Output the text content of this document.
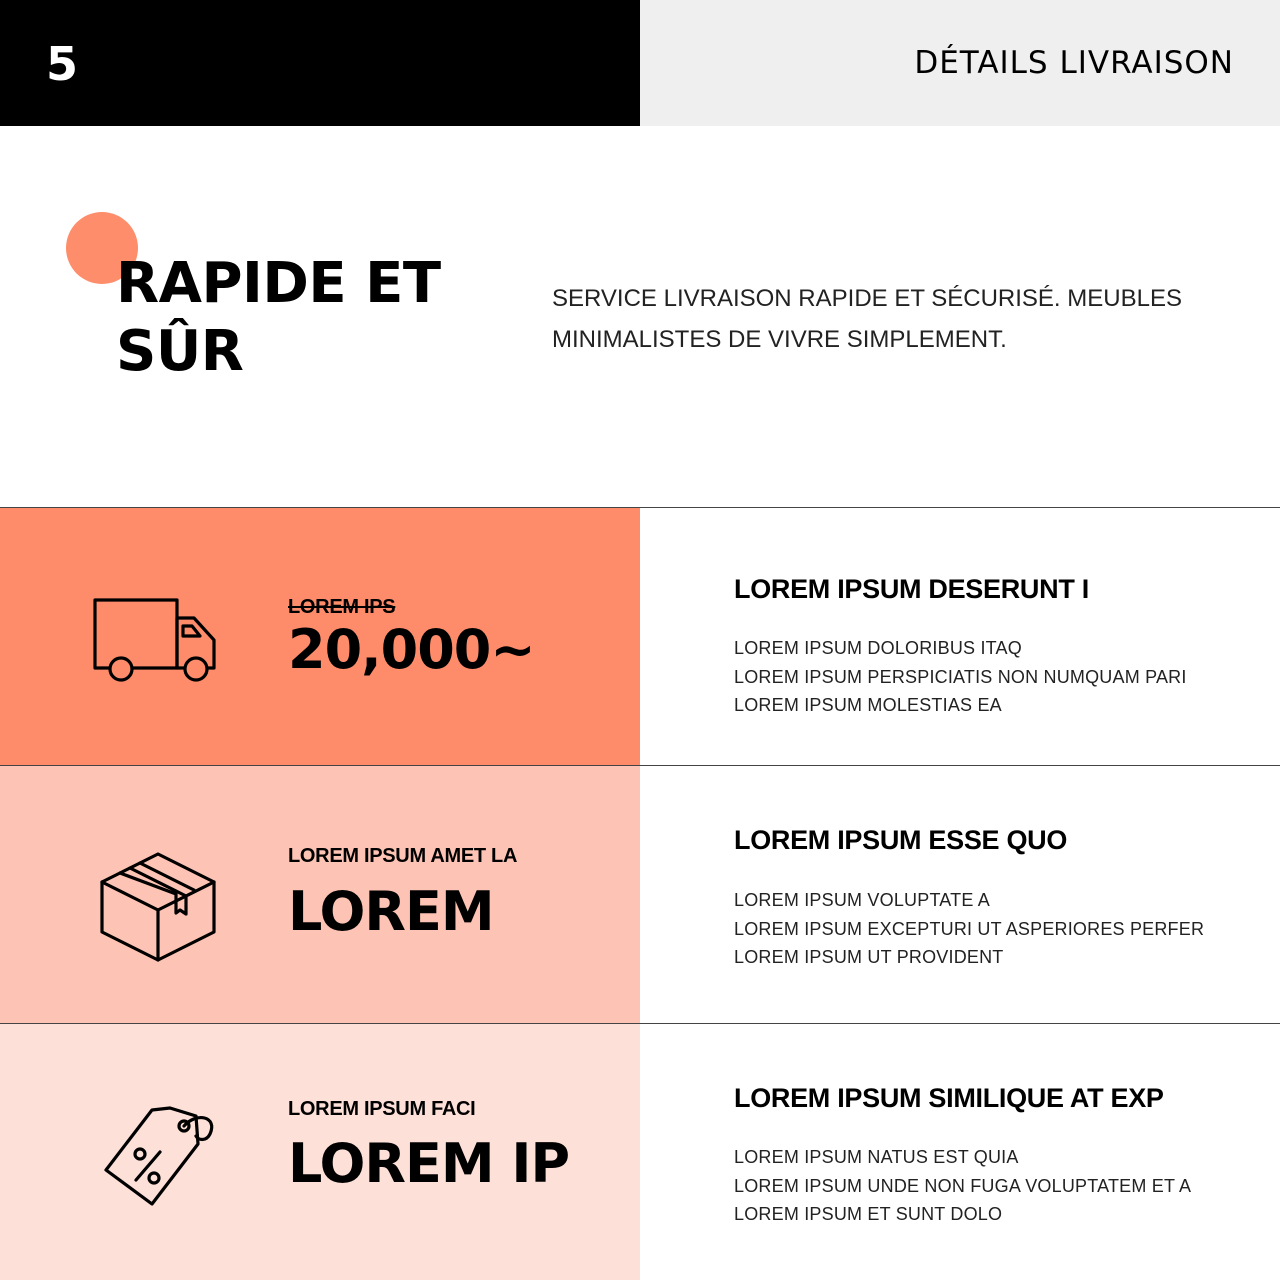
5	DÉTAILS LIVRAISON
RAPIDE ET
SÛR
SERVICE LIVRAISON RAPIDE ET SÉCURISÉ. MEUBLES MINIMALISTES DE VIVRE SIMPLEMENT.
LOREM IPS
20,000~
LOREM IPSUM DESERUNT I
LOREM IPSUM DOLORIBUS ITAQ
LOREM IPSUM PERSPICIATIS NON NUMQUAM PARI
LOREM IPSUM MOLESTIAS EA
LOREM IPSUM AMET LA
LOREM
LOREM IPSUM ESSE QUO
LOREM IPSUM VOLUPTATE A
LOREM IPSUM EXCEPTURI UT ASPERIORES PERFER
LOREM IPSUM UT PROVIDENT
LOREM IPSUM FACI
LOREM IP
LOREM IPSUM SIMILIQUE AT EXP
LOREM IPSUM NATUS EST QUIA
LOREM IPSUM UNDE NON FUGA VOLUPTATEM ET A
LOREM IPSUM ET SUNT DOLO
